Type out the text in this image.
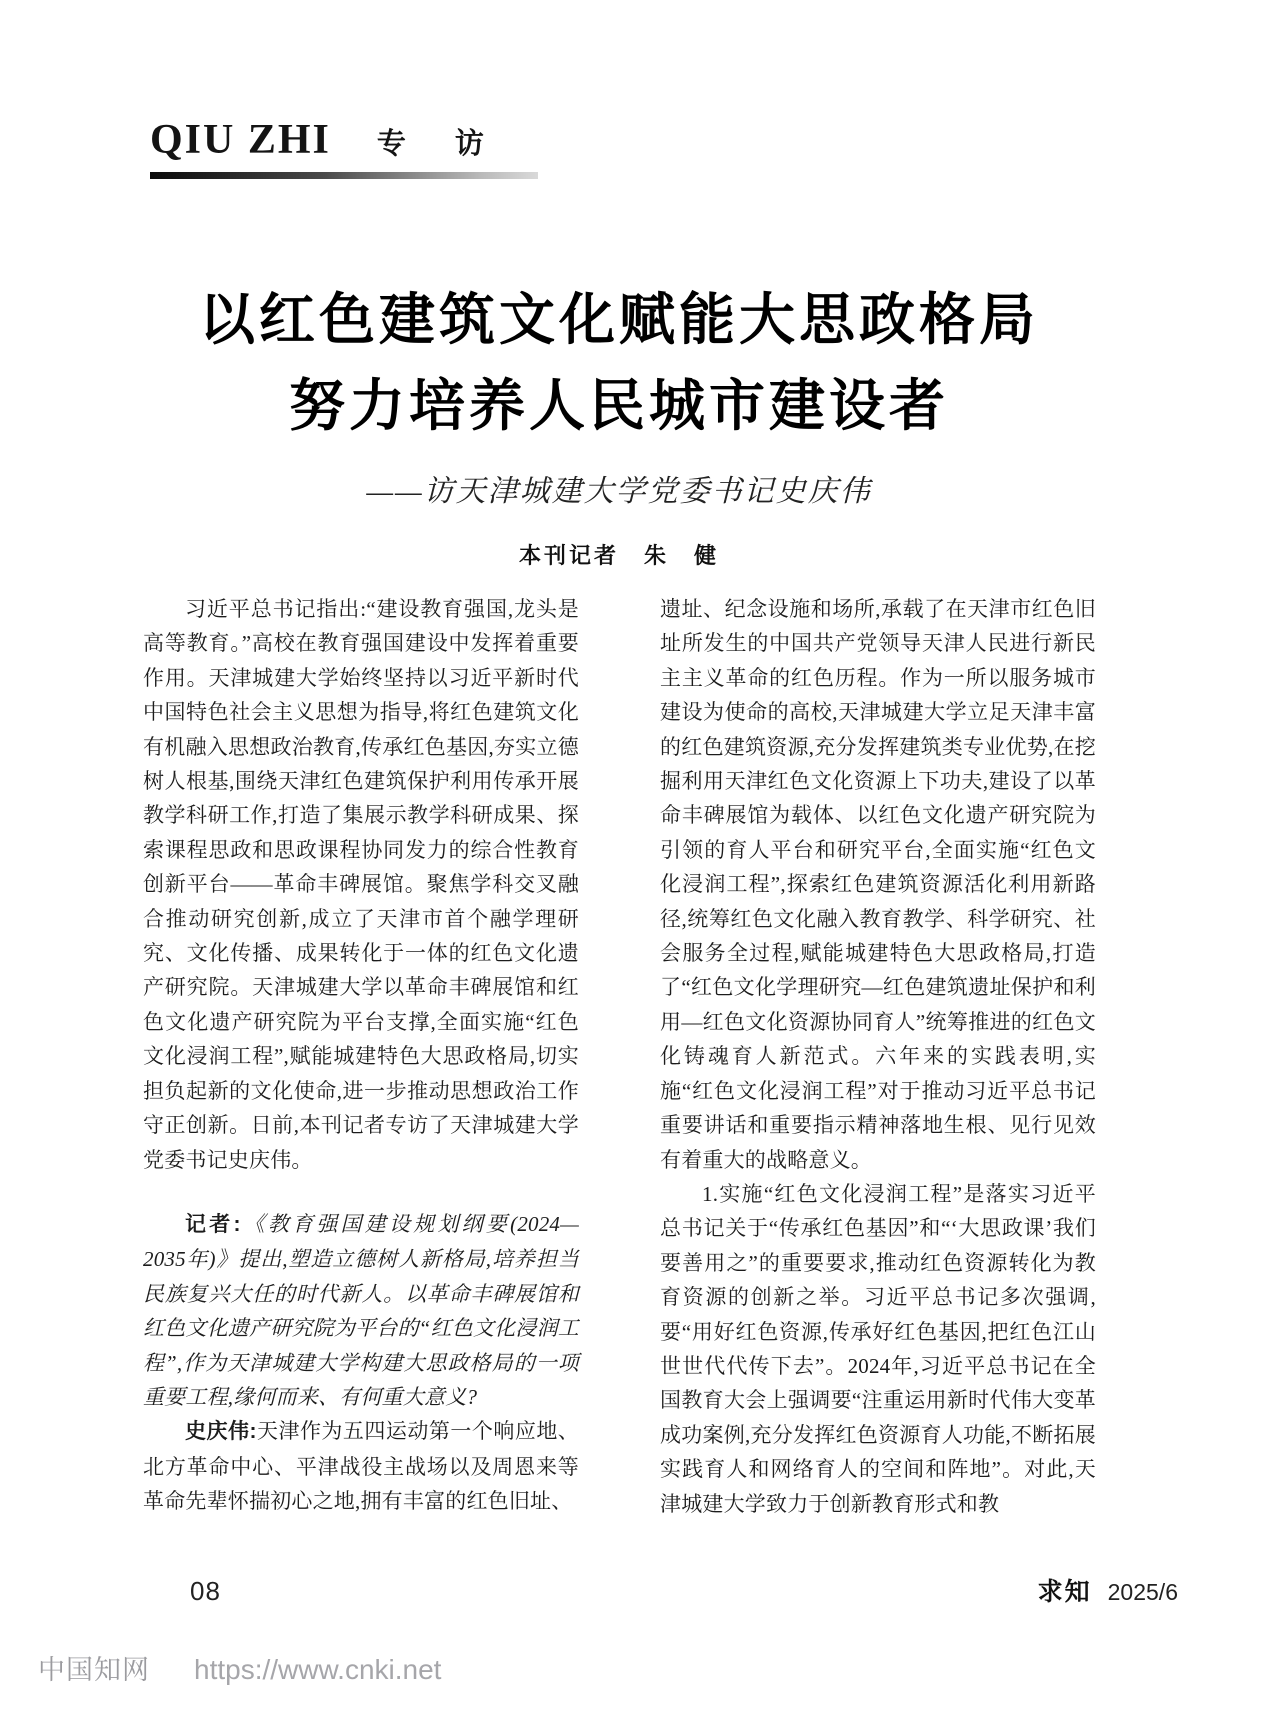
QIU ZHI 专　访
以红色建筑文化赋能大思政格局
努力培养人民城市建设者
——访天津城建大学党委书记史庆伟
本刊记者　朱　健

习近平总书记指出:“建设教育强国,龙头是高等教育。”高校在教育强国建设中发挥着重要作用。天津城建大学始终坚持以习近平新时代中国特色社会主义思想为指导,将红色建筑文化有机融入思想政治教育,传承红色基因,夯实立德树人根基,围绕天津红色建筑保护利用传承开展教学科研工作,打造了集展示教学科研成果、探索课程思政和思政课程协同发力的综合性教育创新平台——革命丰碑展馆。聚焦学科交叉融合推动研究创新,成立了天津市首个融学理研究、文化传播、成果转化于一体的红色文化遗产研究院。天津城建大学以革命丰碑展馆和红色文化遗产研究院为平台支撑,全面实施“红色文化浸润工程”,赋能城建特色大思政格局,切实担负起新的文化使命,进一步推动思想政治工作守正创新。日前,本刊记者专访了天津城建大学党委书记史庆伟。

记者:《教育强国建设规划纲要(2024—2035年)》提出,塑造立德树人新格局,培养担当民族复兴大任的时代新人。以革命丰碑展馆和红色文化遗产研究院为平台的“红色文化浸润工程”,作为天津城建大学构建大思政格局的一项重要工程,缘何而来、有何重大意义?

史庆伟:天津作为五四运动第一个响应地、北方革命中心、平津战役主战场以及周恩来等革命先辈怀揣初心之地,拥有丰富的红色旧址、

遗址、纪念设施和场所,承载了在天津市红色旧址所发生的中国共产党领导天津人民进行新民主主义革命的红色历程。作为一所以服务城市建设为使命的高校,天津城建大学立足天津丰富的红色建筑资源,充分发挥建筑类专业优势,在挖掘利用天津红色文化资源上下功夫,建设了以革命丰碑展馆为载体、以红色文化遗产研究院为引领的育人平台和研究平台,全面实施“红色文化浸润工程”,探索红色建筑资源活化利用新路径,统筹红色文化融入教育教学、科学研究、社会服务全过程,赋能城建特色大思政格局,打造了“红色文化学理研究—红色建筑遗址保护和利用—红色文化资源协同育人”统筹推进的红色文化铸魂育人新范式。六年来的实践表明,实施“红色文化浸润工程”对于推动习近平总书记重要讲话和重要指示精神落地生根、见行见效有着重大的战略意义。

1.实施“红色文化浸润工程”是落实习近平总书记关于“传承红色基因”和“‘大思政课’我们要善用之”的重要要求,推动红色资源转化为教育资源的创新之举。习近平总书记多次强调,要“用好红色资源,传承好红色基因,把红色江山世世代代传下去”。2024年,习近平总书记在全国教育大会上强调要“注重运用新时代伟大变革成功案例,充分发挥红色资源育人功能,不断拓展实践育人和网络育人的空间和阵地”。对此,天津城建大学致力于创新教育形式和教

08	求知 2025/6
中国知网 https://www.cnki.net
